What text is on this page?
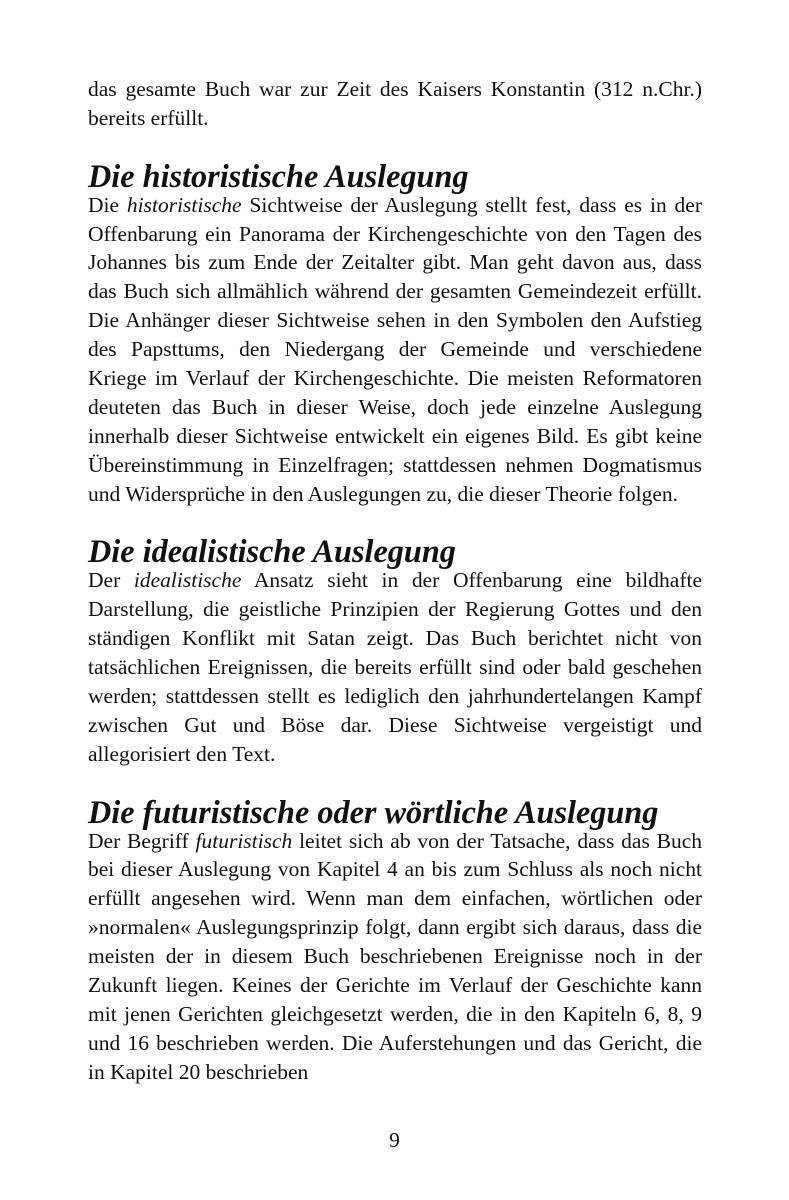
das gesamte Buch war zur Zeit des Kaisers Konstantin (312 n.Chr.) bereits erfüllt.

Die historistische Auslegung

Die historistische Sichtweise der Auslegung stellt fest, dass es in der Offenbarung ein Panorama der Kirchengeschichte von den Tagen des Johannes bis zum Ende der Zeitalter gibt. Man geht davon aus, dass das Buch sich allmählich während der gesamten Gemeindezeit erfüllt. Die Anhänger dieser Sichtweise sehen in den Symbolen den Aufstieg des Papsttums, den Niedergang der Gemeinde und verschiedene Kriege im Verlauf der Kirchengeschichte. Die meisten Reformatoren deuteten das Buch in dieser Weise, doch jede einzelne Auslegung innerhalb dieser Sichtweise entwickelt ein eigenes Bild. Es gibt keine Übereinstimmung in Einzelfragen; stattdessen nehmen Dogmatismus und Widersprüche in den Auslegungen zu, die dieser Theorie folgen.

Die idealistische Auslegung

Der idealistische Ansatz sieht in der Offenbarung eine bildhafte Darstellung, die geistliche Prinzipien der Regierung Gottes und den ständigen Konflikt mit Satan zeigt. Das Buch berichtet nicht von tatsächlichen Ereignissen, die bereits erfüllt sind oder bald geschehen werden; stattdessen stellt es lediglich den jahrhundertelangen Kampf zwischen Gut und Böse dar. Diese Sichtweise vergeistigt und allegorisiert den Text.

Die futuristische oder wörtliche Auslegung

Der Begriff futuristisch leitet sich ab von der Tatsache, dass das Buch bei dieser Auslegung von Kapitel 4 an bis zum Schluss als noch nicht erfüllt angesehen wird. Wenn man dem einfachen, wörtlichen oder »normalen« Auslegungsprinzip folgt, dann ergibt sich daraus, dass die meisten der in diesem Buch beschriebenen Ereignisse noch in der Zukunft liegen. Keines der Gerichte im Verlauf der Geschichte kann mit jenen Gerichten gleichgesetzt werden, die in den Kapiteln 6, 8, 9 und 16 beschrieben werden. Die Auferstehungen und das Gericht, die in Kapitel 20 beschrieben

9
